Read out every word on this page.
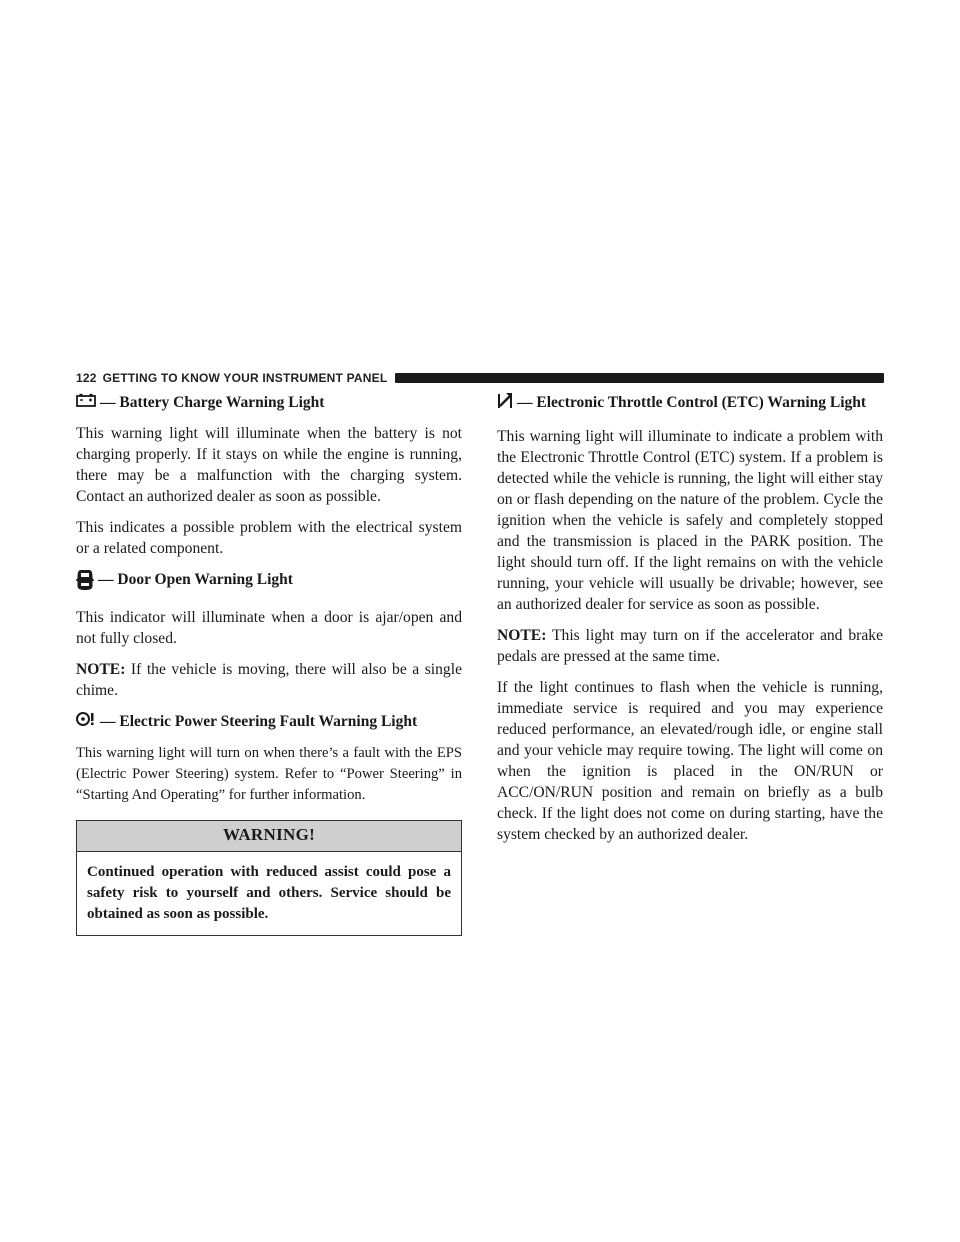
122 GETTING TO KNOW YOUR INSTRUMENT PANEL
— Battery Charge Warning Light

This warning light will illuminate when the battery is not charging properly. If it stays on while the engine is running, there may be a malfunction with the charging system. Contact an authorized dealer as soon as possible.

This indicates a possible problem with the electrical system or a related component.

— Door Open Warning Light

This indicator will illuminate when a door is ajar/open and not fully closed.

NOTE: If the vehicle is moving, there will also be a single chime.

— Electric Power Steering Fault Warning Light

This warning light will turn on when there’s a fault with the EPS (Electric Power Steering) system. Refer to “Power Steering” in “Starting And Operating” for further information.

WARNING!
Continued operation with reduced assist could pose a safety risk to yourself and others. Service should be obtained as soon as possible.
— Electronic Throttle Control (ETC) Warning Light

This warning light will illuminate to indicate a problem with the Electronic Throttle Control (ETC) system. If a problem is detected while the vehicle is running, the light will either stay on or flash depending on the nature of the problem. Cycle the ignition when the vehicle is safely and completely stopped and the transmission is placed in the PARK position. The light should turn off. If the light remains on with the vehicle running, your vehicle will usually be drivable; however, see an authorized dealer for service as soon as possible.

NOTE: This light may turn on if the accelerator and brake pedals are pressed at the same time.

If the light continues to flash when the vehicle is running, immediate service is required and you may experience reduced performance, an elevated/rough idle, or engine stall and your vehicle may require towing. The light will come on when the ignition is placed in the ON/RUN or ACC/ON/RUN position and remain on briefly as a bulb check. If the light does not come on during starting, have the system checked by an authorized dealer.
